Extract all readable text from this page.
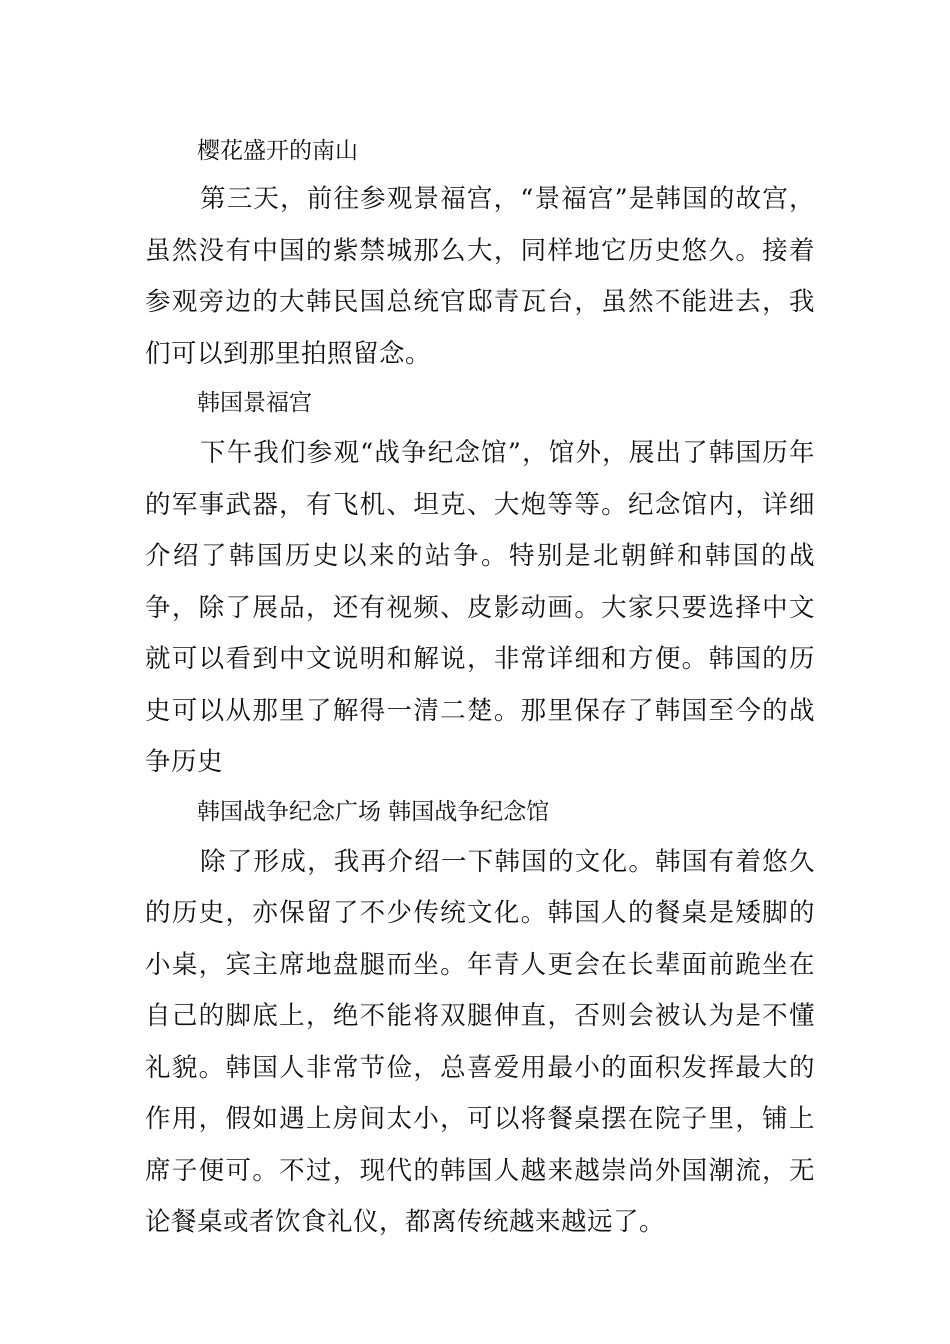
樱花盛开的南山

第三天，前往参观景福宫，“景福宫”是韩国的故宫，虽然没有中国的紫禁城那么大，同样地它历史悠久。接着参观旁边的大韩民国总统官邸青瓦台，虽然不能进去，我们可以到那里拍照留念。

韩国景福宫

下午我们参观“战争纪念馆”，馆外，展出了韩国历年的军事武器，有飞机、坦克、大炮等等。纪念馆内，详细介绍了韩国历史以来的站争。特别是北朝鲜和韩国的战争，除了展品，还有视频、皮影动画。大家只要选择中文就可以看到中文说明和解说，非常详细和方便。韩国的历史可以从那里了解得一清二楚。那里保存了韩国至今的战争历史

韩国战争纪念广场 韩国战争纪念馆

除了形成，我再介绍一下韩国的文化。韩国有着悠久的历史，亦保留了不少传统文化。韩国人的餐桌是矮脚的小桌，宾主席地盘腿而坐。年青人更会在长辈面前跪坐在自己的脚底上，绝不能将双腿伸直，否则会被认为是不懂礼貌。韩国人非常节俭，总喜爱用最小的面积发挥最大的作用，假如遇上房间太小，可以将餐桌摆在院子里，铺上席子便可。不过，现代的韩国人越来越崇尚外国潮流，无论餐桌或者饮食礼仪，都离传统越来越远了。
